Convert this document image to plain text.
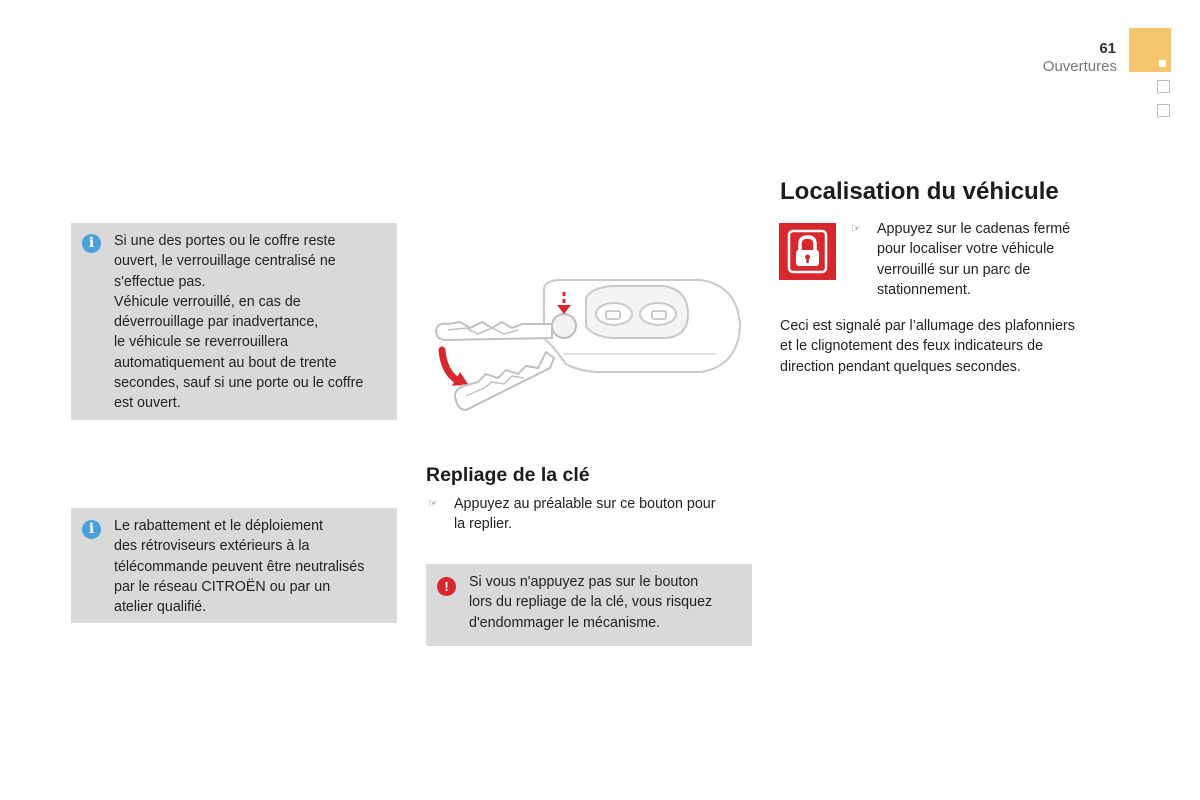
61
Ouvertures
i	Si une des portes ou le coffre reste
ouvert, le verrouillage centralisé ne
s'effectue pas.
Véhicule verrouillé, en cas de
déverrouillage par inadvertance,
le véhicule se reverrouillera
automatiquement au bout de trente
secondes, sauf si une porte ou le coffre
est ouvert.
i	Le rabattement et le déploiement
des rétroviseurs extérieurs à la
télécommande peuvent être neutralisés
par le réseau CITROËN ou par un
atelier qualifié.
Repliage de la clé
☞ Appuyez au préalable sur ce bouton pour
la replier.
!	Si vous n'appuyez pas sur le bouton
lors du repliage de la clé, vous risquez
d'endommager le mécanisme.
Localisation du véhicule
☞ Appuyez sur le cadenas fermé
pour localiser votre véhicule
verrouillé sur un parc de
stationnement.
Ceci est signalé par l’allumage des plafonniers
et le clignotement des feux indicateurs de
direction pendant quelques secondes.
